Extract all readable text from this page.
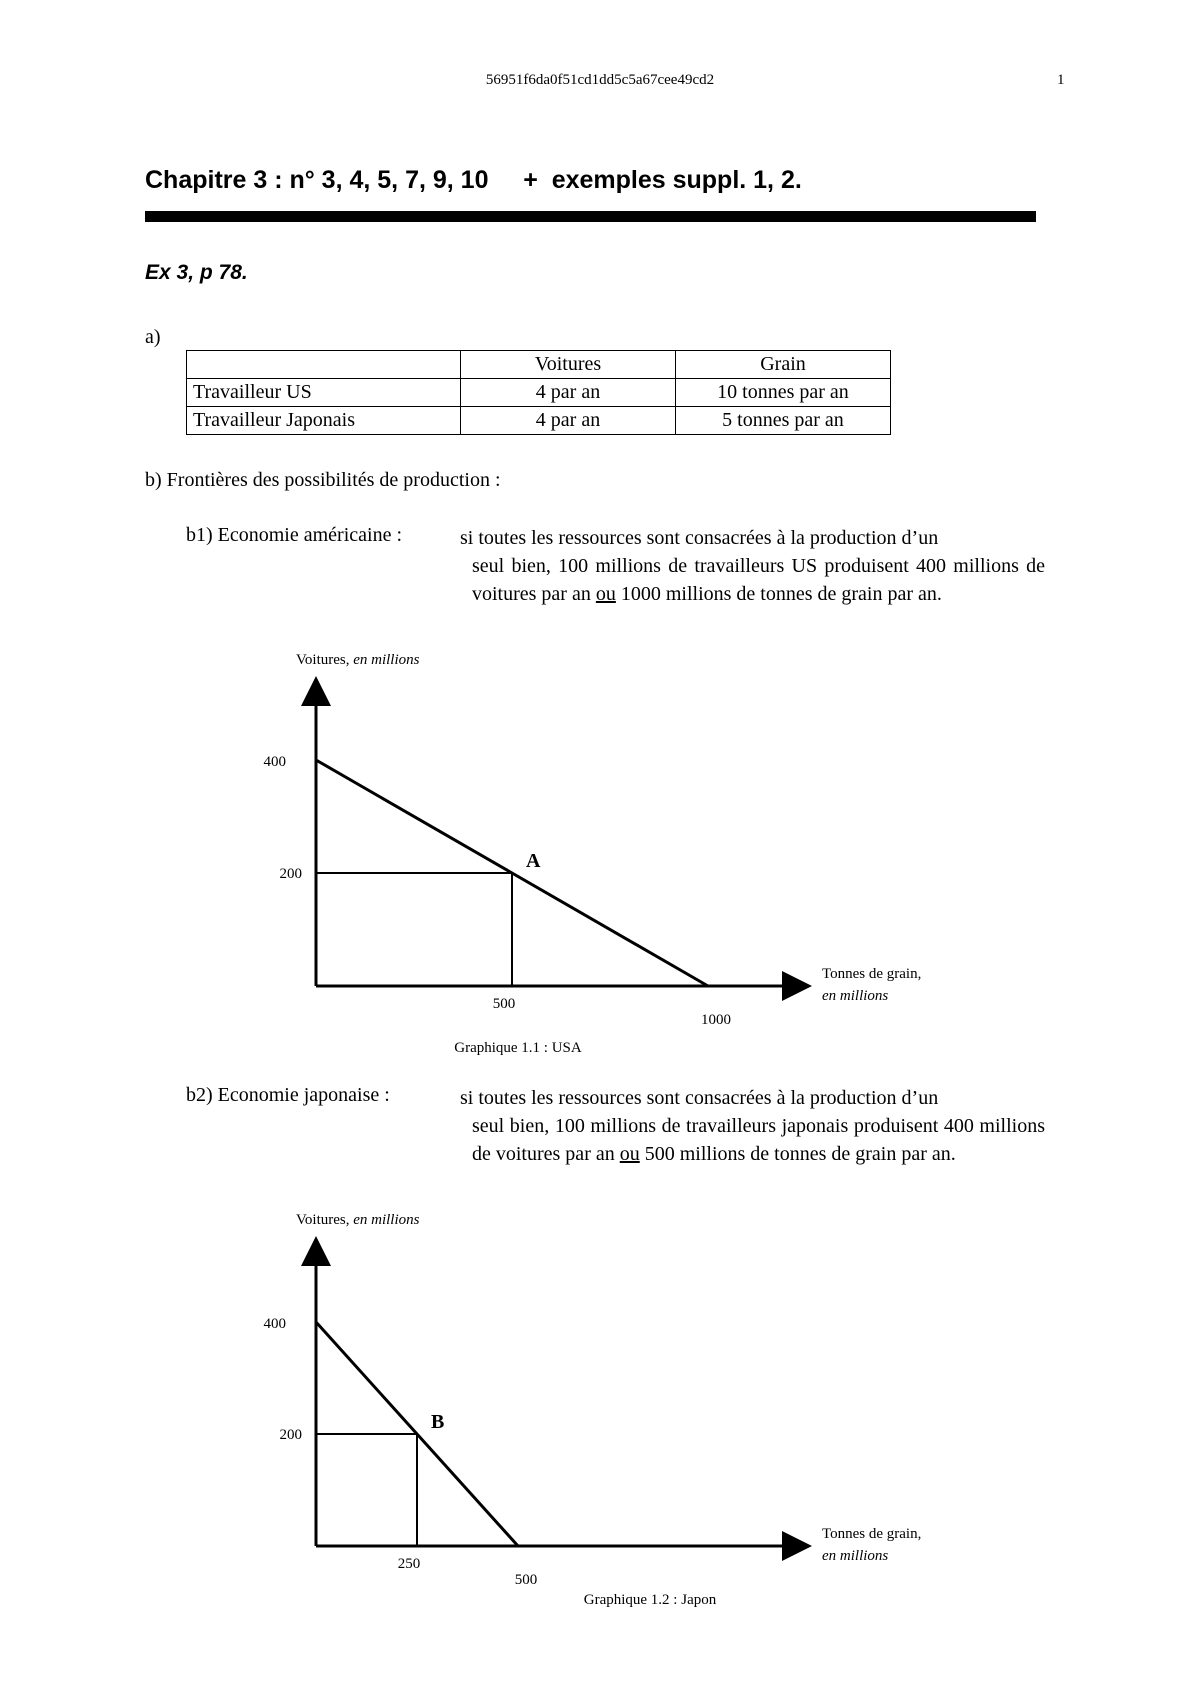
56951f6da0f51cd1dd5c5a67cee49cd2	1
Chapitre 3 : n° 3, 4, 5, 7, 9, 10     +  exemples suppl. 1, 2.
Ex 3, p 78.
a)
	Voitures	Grain
Travailleur US	4 par an	10 tonnes par an
Travailleur Japonais	4 par an	5 tonnes par an
b) Frontières des possibilités de production :
b1) Economie américaine :	si toutes les ressources sont consacrées à la production d’un
seul bien, 100 millions de travailleurs US produisent 400 millions de voitures par an ou 1000 millions de tonnes de grain par an.
A
400
200
500
1000
Voitures, en millions
Tonnes de grain,
en millions
Graphique 1.1 : USA
b2) Economie japonaise :	si toutes les ressources sont consacrées à la production d’un
seul bien, 100 millions de travailleurs japonais produisent 400 millions de voitures par an ou 500 millions de tonnes de grain par an.
B
400
200
250
500
Voitures, en millions
Tonnes de grain,
en millions
Graphique 1.2 : Japon
